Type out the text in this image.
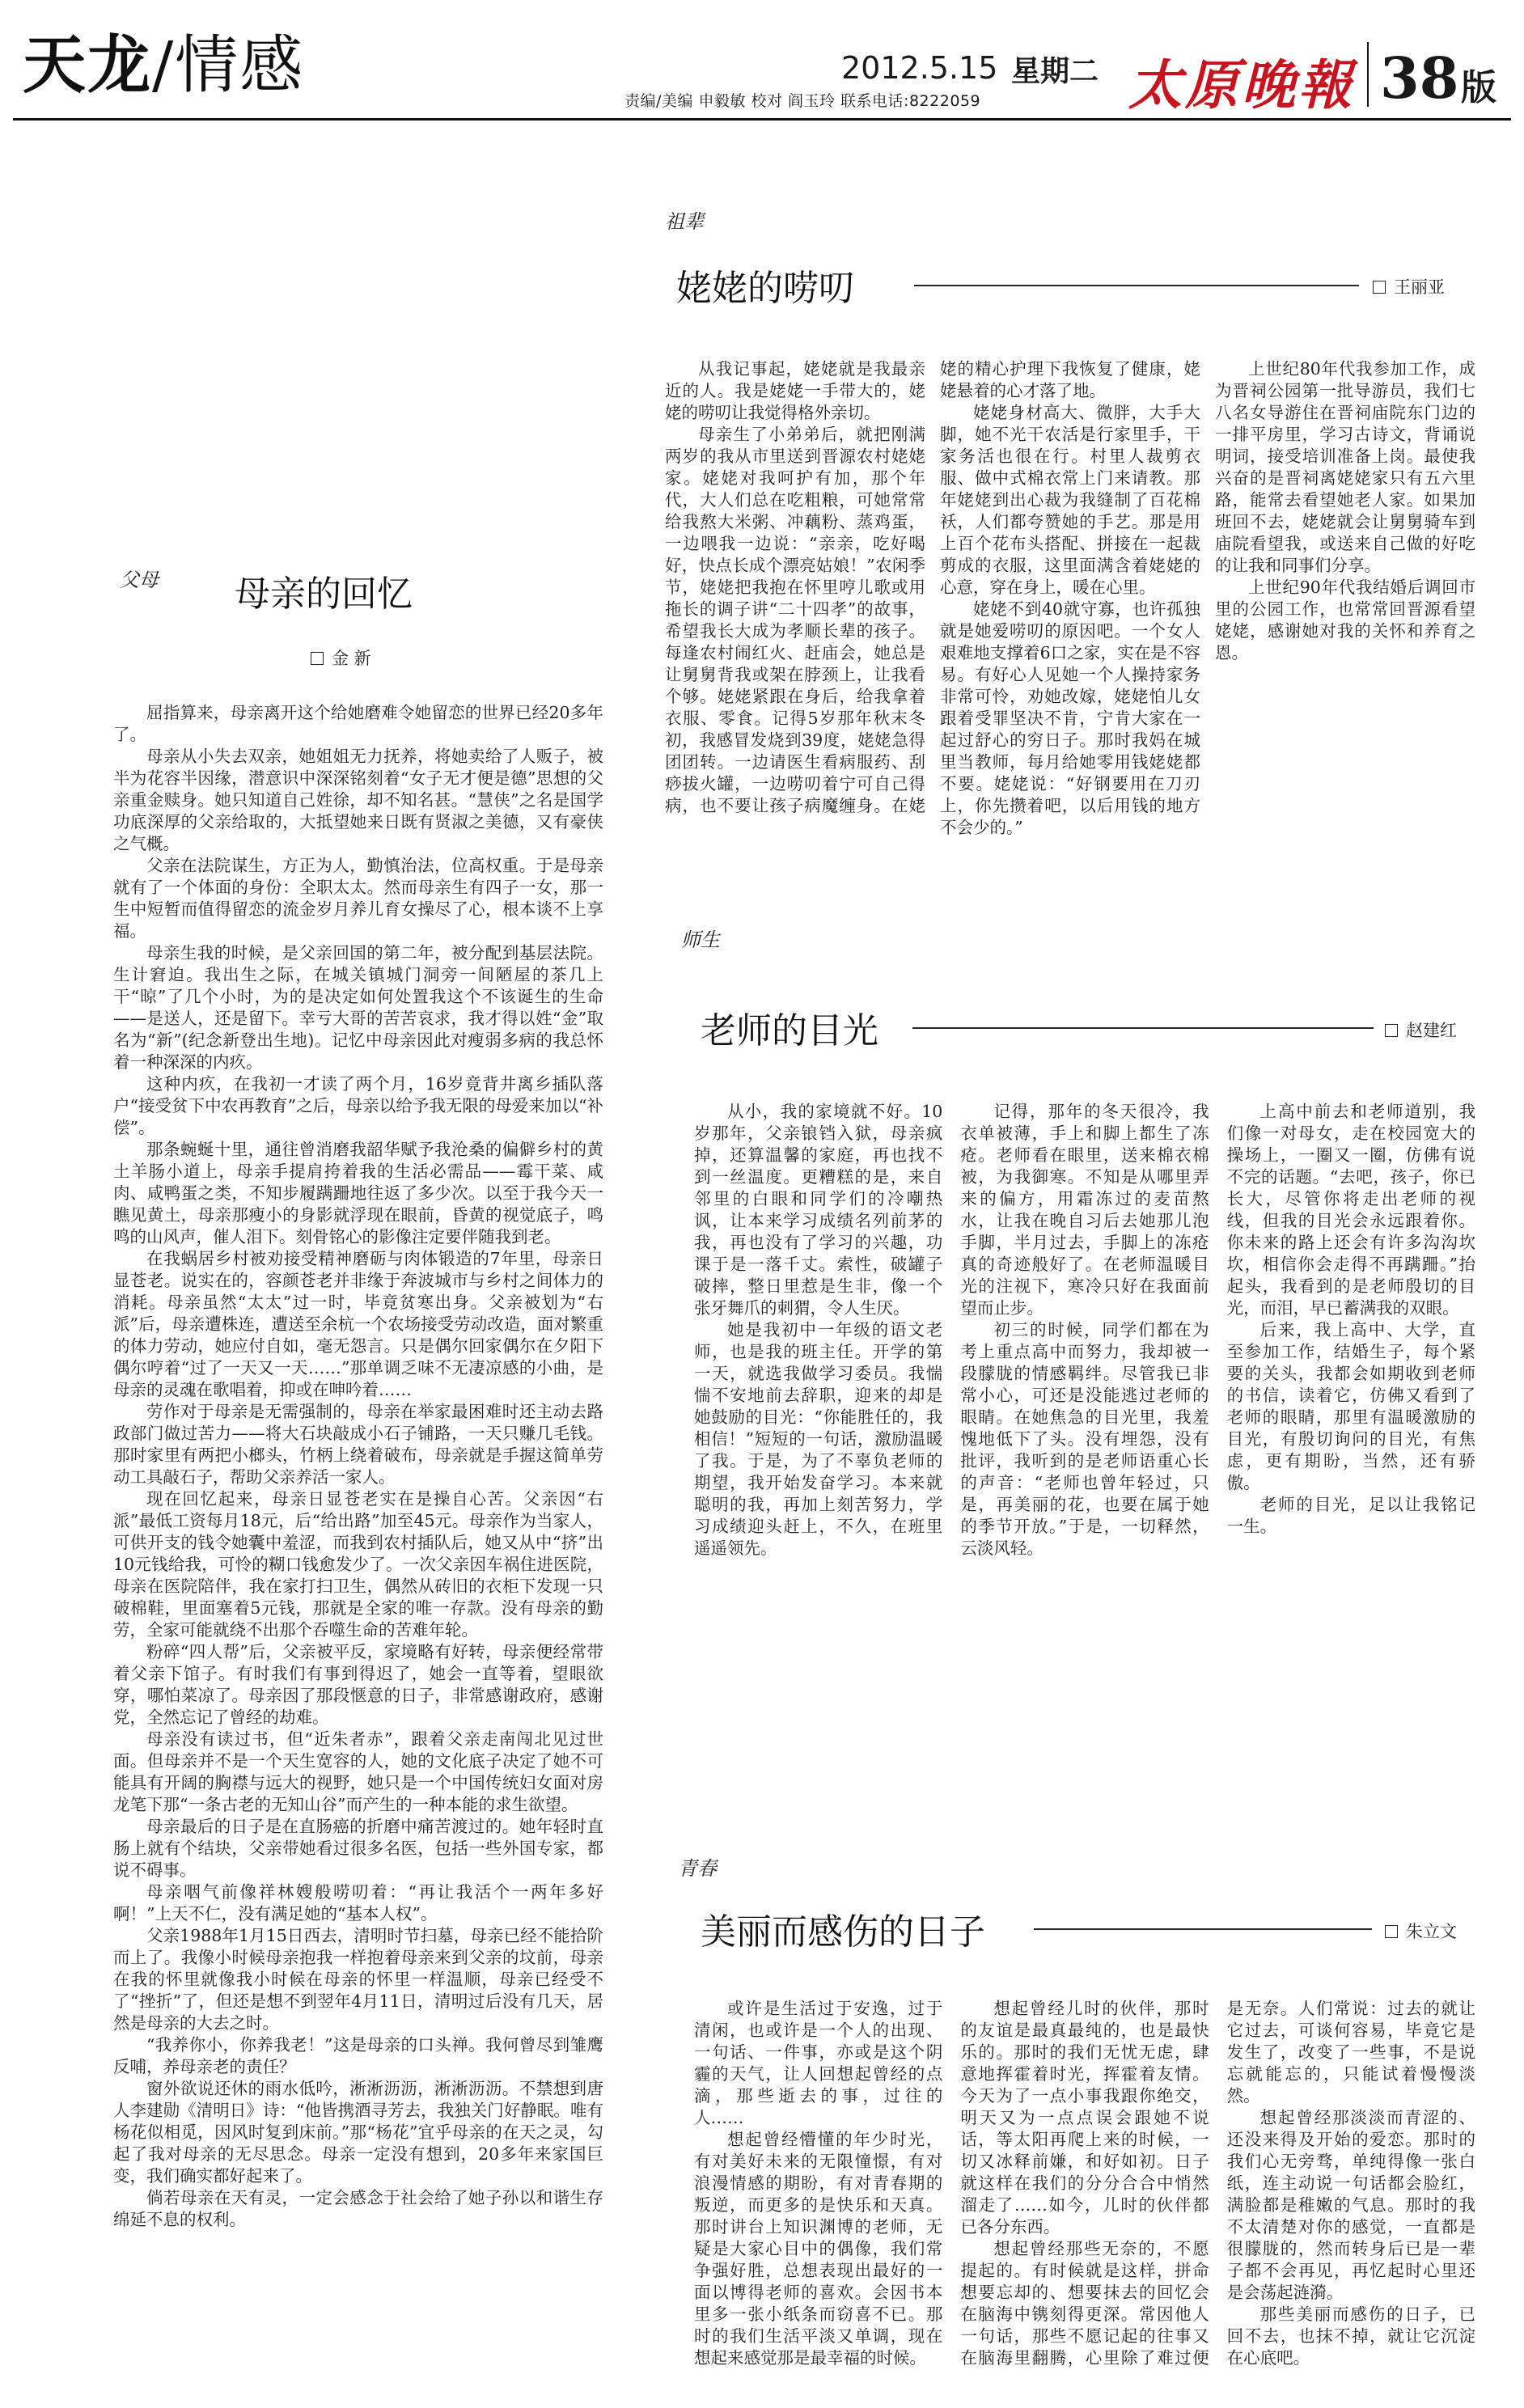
天龙/情感	2012.5.15 星期二
责编/美编 申毅敏 校对 阎玉玲 联系电话:8222059	太原晚報 38 版
父母 母亲的回忆
金 新

屈指算来，母亲离开这个给她磨难令她留恋的世界已经20多年了。

母亲从小失去双亲，她姐姐无力抚养，将她卖给了人贩子，被半为花容半因缘，潜意识中深深铭刻着“女子无才便是德”思想的父亲重金赎身。她只知道自己姓徐，却不知名甚。“慧侠”之名是国学功底深厚的父亲给取的，大抵望她来日既有贤淑之美德，又有豪侠之气概。

父亲在法院谋生，方正为人，勤慎治法，位高权重。于是母亲就有了一个体面的身份：全职太太。然而母亲生有四子一女，那一生中短暂而值得留恋的流金岁月养儿育女操尽了心，根本谈不上享福。

母亲生我的时候，是父亲回国的第二年，被分配到基层法院。生计窘迫。我出生之际，在城关镇城门洞旁一间陋屋的茶几上干“晾”了几个小时，为的是决定如何处置我这个不该诞生的生命——是送人，还是留下。幸亏大哥的苦苦哀求，我才得以姓“金”取名为“新”(纪念新登出生地)。记忆中母亲因此对瘦弱多病的我总怀着一种深深的内疚。

这种内疚，在我初一才读了两个月，16岁竟背井离乡插队落户“接受贫下中农再教育”之后，母亲以给予我无限的母爱来加以“补偿”。

那条蜿蜒十里，通往曾消磨我韶华赋予我沧桑的偏僻乡村的黄土羊肠小道上，母亲手提肩挎着我的生活必需品——霉干菜、咸肉、咸鸭蛋之类，不知步履蹒跚地往返了多少次。以至于我今天一瞧见黄土，母亲那瘦小的身影就浮现在眼前，昏黄的视觉底子，鸣鸣的山风声，催人泪下。刻骨铭心的影像注定要伴随我到老。

在我蜗居乡村被劝接受精神磨砺与肉体锻造的7年里，母亲日显苍老。说实在的，容颜苍老并非缘于奔波城市与乡村之间体力的消耗。母亲虽然“太太”过一时，毕竟贫寒出身。父亲被划为“右派”后，母亲遭株连，遭送至余杭一个农场接受劳动改造，面对繁重的体力劳动，她应付自如，毫无怨言。只是偶尔回家偶尔在夕阳下偶尔哼着“过了一天又一天……”那单调乏味不无凄凉感的小曲，是母亲的灵魂在歌唱着，抑或在呻吟着……

劳作对于母亲是无需强制的，母亲在举家最困难时还主动去路政部门做过苦力——将大石块敲成小石子铺路，一天只赚几毛钱。那时家里有两把小榔头，竹柄上绕着破布，母亲就是手握这简单劳动工具敲石子，帮助父亲养活一家人。

现在回忆起来，母亲日显苍老实在是操自心苦。父亲因“右派”最低工资每月18元，后“给出路”加至45元。母亲作为当家人，可供开支的钱令她囊中羞涩，而我到农村插队后，她又从中“挤”出10元钱给我，可怜的糊口钱愈发少了。一次父亲因车祸住进医院，母亲在医院陪伴，我在家打扫卫生，偶然从砖旧的衣柜下发现一只破棉鞋，里面塞着5元钱，那就是全家的唯一存款。没有母亲的勤劳，全家可能就绕不出那个吞噬生命的苦难年轮。

粉碎“四人帮”后，父亲被平反，家境略有好转，母亲便经常带着父亲下馆子。有时我们有事到得迟了，她会一直等着，望眼欲穿，哪怕菜凉了。母亲因了那段惬意的日子，非常感谢政府，感谢党，全然忘记了曾经的劫难。

母亲没有读过书，但“近朱者赤”，跟着父亲走南闯北见过世面。但母亲并不是一个天生宽容的人，她的文化底子决定了她不可能具有开阔的胸襟与远大的视野，她只是一个中国传统妇女面对房龙笔下那“一条古老的无知山谷”而产生的一种本能的求生欲望。

母亲最后的日子是在直肠癌的折磨中痛苦渡过的。她年轻时直肠上就有个结块，父亲带她看过很多名医，包括一些外国专家，都说不碍事。

母亲咽气前像祥林嫂般唠叨着：“再让我活个一两年多好啊！”上天不仁，没有满足她的“基本人权”。

父亲1988年1月15日西去，清明时节扫墓，母亲已经不能拾阶而上了。我像小时候母亲抱我一样抱着母亲来到父亲的坟前，母亲在我的怀里就像我小时候在母亲的怀里一样温顺，母亲已经受不了“挫折”了，但还是想不到翌年4月11日，清明过后没有几天，居然是母亲的大去之时。

“我养你小，你养我老！”这是母亲的口头禅。我何曾尽到雏鹰反哺，养母亲老的责任？

窗外欲说还休的雨水低吟，淅淅沥沥，淅淅沥沥。不禁想到唐人李建勋《清明日》诗：“他皆携酒寻芳去，我独关门好静眠。唯有杨花似相觅，因风时复到床前。”那“杨花”宜乎母亲的在天之灵，勾起了我对母亲的无尽思念。母亲一定没有想到，20多年来家国巨变，我们确实都好起来了。

倘若母亲在天有灵，一定会感念于社会给了她子孙以和谐生存绵延不息的权利。

祖辈
姥姥的唠叨	王丽亚

从我记事起，姥姥就是我最亲近的人。我是姥姥一手带大的，姥姥的唠叨让我觉得格外亲切。

母亲生了小弟弟后，就把刚满两岁的我从市里送到晋源农村姥姥家。姥姥对我呵护有加，那个年代，大人们总在吃粗粮，可她常常给我熬大米粥、冲藕粉、蒸鸡蛋，一边喂我一边说：“亲亲，吃好喝好，快点长成个漂亮姑娘！”农闲季节，姥姥把我抱在怀里哼儿歌或用拖长的调子讲“二十四孝”的故事，希望我长大成为孝顺长辈的孩子。每逢农村闹红火、赶庙会，她总是让舅舅背我或架在脖颈上，让我看个够。姥姥紧跟在身后，给我拿着衣服、零食。记得5岁那年秋末冬初，我感冒发烧到39度，姥姥急得团团转。一边请医生看病服药、刮痧拔火罐，一边唠叨着宁可自己得病，也不要让孩子病魔缠身。在姥姥的精心护理下我恢复了健康，姥姥悬着的心才落了地。

姥姥身材高大、微胖，大手大脚，她不光干农活是行家里手，干家务活也很在行。村里人裁剪衣服、做中式棉衣常上门来请教。那年姥姥到出心裁为我缝制了百花棉袄，人们都夸赞她的手艺。那是用上百个花布头搭配、拼接在一起裁剪成的衣服，这里面满含着姥姥的心意，穿在身上，暖在心里。

姥姥不到40就守寡，也许孤独就是她爱唠叨的原因吧。一个女人艰难地支撑着6口之家，实在是不容易。有好心人见她一个人操持家务非常可怜，劝她改嫁，姥姥怕儿女跟着受罪坚决不肯，宁肯大家在一起过舒心的穷日子。那时我妈在城里当教师，每月给她零用钱姥姥都不要。姥姥说：“好钢要用在刀刃上，你先攒着吧，以后用钱的地方不会少的。”

上世纪80年代我参加工作，成为晋祠公园第一批导游员，我们七八名女导游住在晋祠庙院东门边的一排平房里，学习古诗文，背诵说明词，接受培训准备上岗。最使我兴奋的是晋祠离姥姥家只有五六里路，能常去看望她老人家。如果加班回不去，姥姥就会让舅舅骑车到庙院看望我，或送来自己做的好吃的让我和同事们分享。

上世纪90年代我结婚后调回市里的公园工作，也常常回晋源看望姥姥，感谢她对我的关怀和养育之恩。

师生
老师的目光	赵建红

从小，我的家境就不好。10岁那年，父亲锒铛入狱，母亲疯掉，还算温馨的家庭，再也找不到一丝温度。更糟糕的是，来自邻里的白眼和同学们的冷嘲热讽，让本来学习成绩名列前茅的我，再也没有了学习的兴趣，功课于是一落千丈。索性，破罐子破摔，整日里惹是生非，像一个张牙舞爪的刺猬，令人生厌。

她是我初中一年级的语文老师，也是我的班主任。开学的第一天，就选我做学习委员。我惴惴不安地前去辞职，迎来的却是她鼓励的目光：“你能胜任的，我相信！”短短的一句话，激励温暖了我。于是，为了不辜负老师的期望，我开始发奋学习。本来就聪明的我，再加上刻苦努力，学习成绩迎头赶上，不久，在班里遥遥领先。

记得，那年的冬天很冷，我衣单被薄，手上和脚上都生了冻疮。老师看在眼里，送来棉衣棉被，为我御寒。不知是从哪里弄来的偏方，用霜冻过的麦苗熬水，让我在晚自习后去她那儿泡手脚，半月过去，手脚上的冻疮真的奇迹般好了。在老师温暖目光的注视下，寒冷只好在我面前望而止步。

初三的时候，同学们都在为考上重点高中而努力，我却被一段朦胧的情感羁绊。尽管我已非常小心，可还是没能逃过老师的眼睛。在她焦急的目光里，我羞愧地低下了头。没有埋怨，没有批评，我听到的是老师语重心长的声音：“老师也曾年轻过，只是，再美丽的花，也要在属于她的季节开放。”于是，一切释然，云淡风轻。

上高中前去和老师道别，我们像一对母女，走在校园宽大的操场上，一圈又一圈，仿佛有说不完的话题。“去吧，孩子，你已长大，尽管你将走出老师的视线，但我的目光会永远跟着你。你未来的路上还会有许多沟沟坎坎，相信你会走得不再蹒跚。”抬起头，我看到的是老师殷切的目光，而泪，早已蓄满我的双眼。

后来，我上高中、大学，直至参加工作，结婚生子，每个紧要的关头，我都会如期收到老师的书信，读着它，仿佛又看到了老师的眼睛，那里有温暖激励的目光，有殷切询问的目光，有焦虑，更有期盼，当然，还有骄傲。

老师的目光，足以让我铭记一生。

青春
美丽而感伤的日子	朱立文

或许是生活过于安逸，过于清闲，也或许是一个人的出现、一句话、一件事，亦或是这个阴霾的天气，让人回想起曾经的点滴，那些逝去的事，过往的人……

想起曾经懵懂的年少时光，有对美好未来的无限憧憬，有对浪漫情感的期盼，有对青春期的叛逆，而更多的是快乐和天真。那时讲台上知识渊博的老师，无疑是大家心目中的偶像，我们常争强好胜，总想表现出最好的一面以博得老师的喜欢。会因书本里多一张小纸条而窃喜不已。那时的我们生活平淡又单调，现在想起来感觉那是最幸福的时候。

想起曾经儿时的伙伴，那时的友谊是最真最纯的，也是最快乐的。那时的我们无忧无虑，肆意地挥霍着时光，挥霍着友情。今天为了一点小事我跟你绝交，明天又为一点点误会跟她不说话，等太阳再爬上来的时候，一切又冰释前嫌，和好如初。日子就这样在我们的分分合合中悄然溜走了……如今，儿时的伙伴都已各分东西。

想起曾经那些无奈的，不愿提起的。有时候就是这样，拼命想要忘却的、想要抹去的回忆会在脑海中镌刻得更深。常因他人一句话，那些不愿记起的往事又在脑海里翻腾，心里除了难过便是无奈。人们常说：过去的就让它过去，可谈何容易，毕竟它是发生了，改变了一些事，不是说忘就能忘的，只能试着慢慢淡然。

想起曾经那淡淡而青涩的、还没来得及开始的爱恋。那时的我们心无旁骛，单纯得像一张白纸，连主动说一句话都会脸红，满脸都是稚嫩的气息。那时的我不太清楚对你的感觉，一直都是很朦胧的，然而转身后已是一辈子都不会再见，再忆起时心里还是会荡起涟漪。

那些美丽而感伤的日子，已回不去，也抹不掉，就让它沉淀在心底吧。
